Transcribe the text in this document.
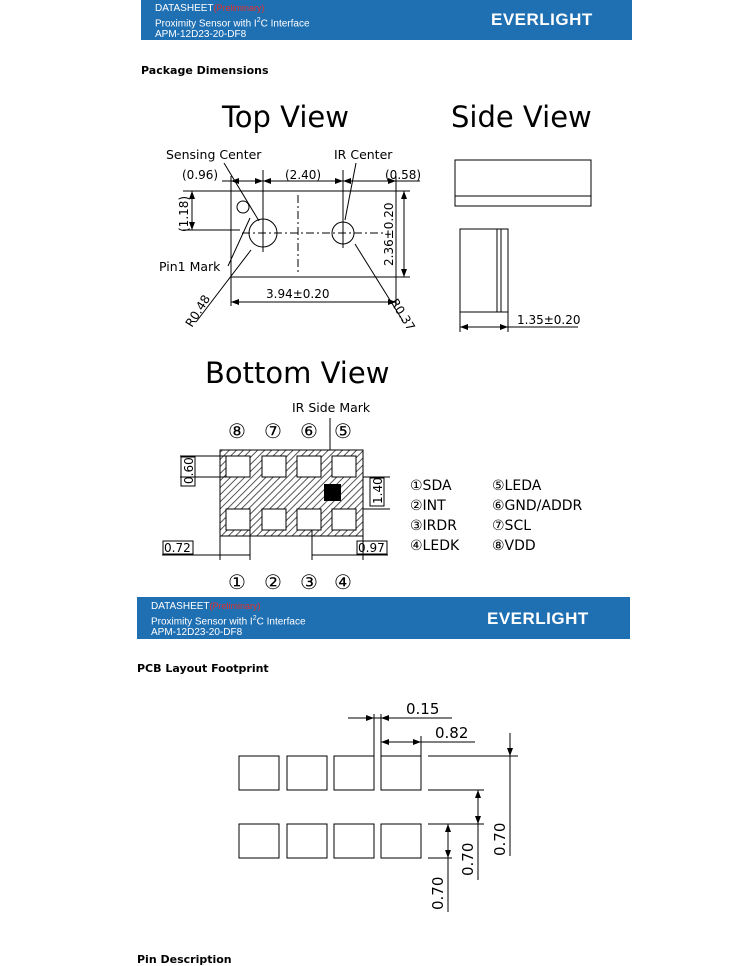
DATASHEET(Preliminary)
Proximity Sensor with $I^2C$ Interface
APM-12D23-20-DF8
EVERLIGHT
Package Dimensions
Top View	Side View
Bottom View
Sensing Center	IR Center
(0.96)	(2.40)	(0.58)
(1.18)	2.36±0.20
3.94±0.20
Pin1 Mark
R0.48	R0.37	1.35±0.20
IR Side Mark
⑧ ⑦ ⑥ ⑤
0.60
1.40
0.72	0.97
① ② ③ ④
①SDA
②INT
③IRDR
④LEDK
⑤LEDA
⑥GND/ADDR
⑦SCL
⑧VDD
DATASHEET(Preliminary)
Proximity Sensor with $I^2C$ Interface
APM-12D23-20-DF8
EVERLIGHT
PCB Layout Footprint
0.15
0.82
0.70
0.70
0.70
Pin Description
